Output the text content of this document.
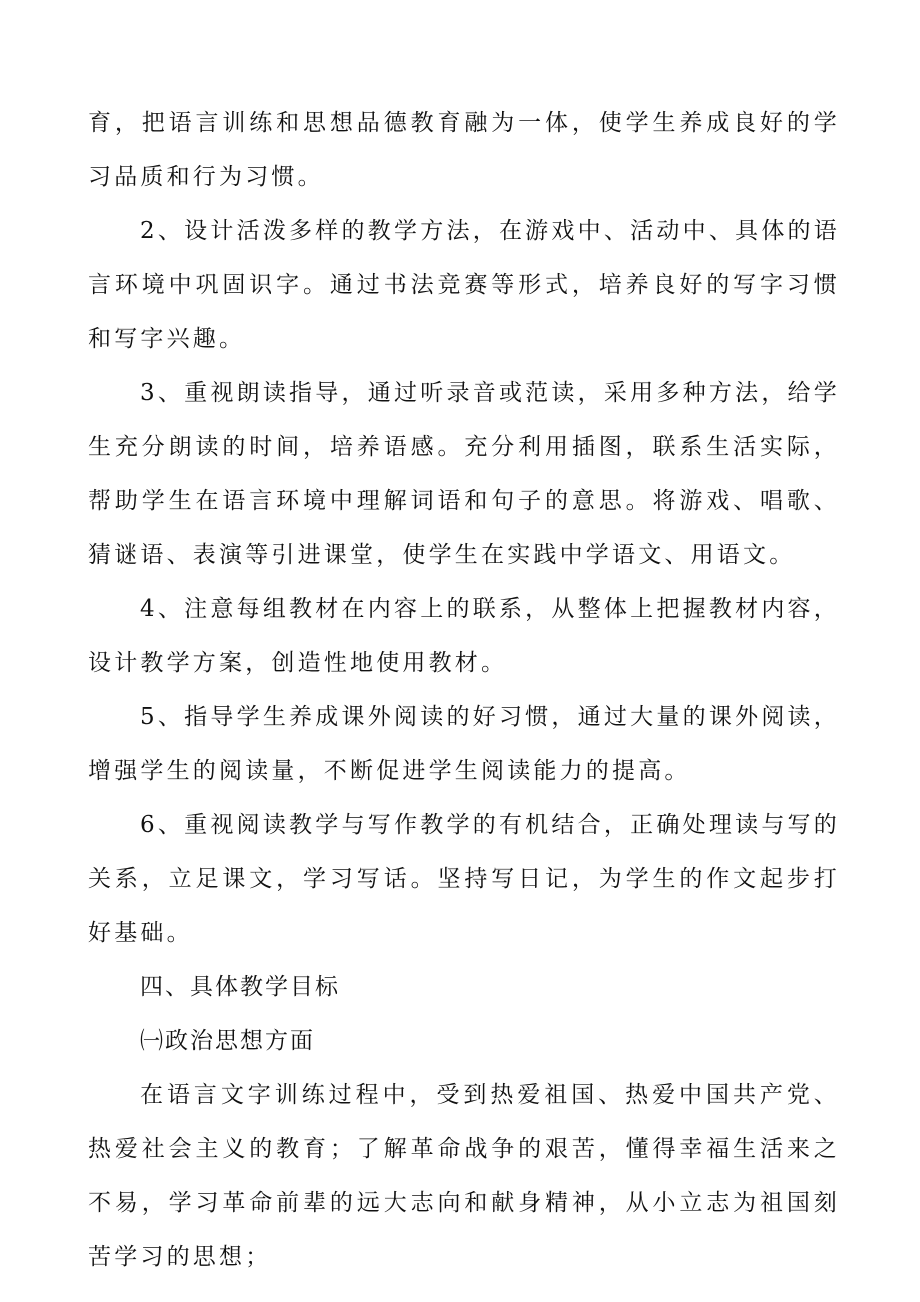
育，把语言训练和思想品德教育融为一体，使学生养成良好的学习品质和行为习惯。

2、设计活泼多样的教学方法，在游戏中、活动中、具体的语言环境中巩固识字。通过书法竞赛等形式，培养良好的写字习惯和写字兴趣。

3、重视朗读指导，通过听录音或范读，采用多种方法，给学生充分朗读的时间，培养语感。充分利用插图，联系生活实际，帮助学生在语言环境中理解词语和句子的意思。将游戏、唱歌、猜谜语、表演等引进课堂，使学生在实践中学语文、用语文。

4、注意每组教材在内容上的联系，从整体上把握教材内容，设计教学方案，创造性地使用教材。

5、指导学生养成课外阅读的好习惯，通过大量的课外阅读，增强学生的阅读量，不断促进学生阅读能力的提高。

6、重视阅读教学与写作教学的有机结合，正确处理读与写的关系，立足课文，学习写话。坚持写日记，为学生的作文起步打好基础。

四、具体教学目标

㈠政治思想方面

在语言文字训练过程中，受到热爱祖国、热爱中国共产党、热爱社会主义的教育；了解革命战争的艰苦，懂得幸福生活来之不易，学习革命前辈的远大志向和献身精神，从小立志为祖国刻苦学习的思想；
